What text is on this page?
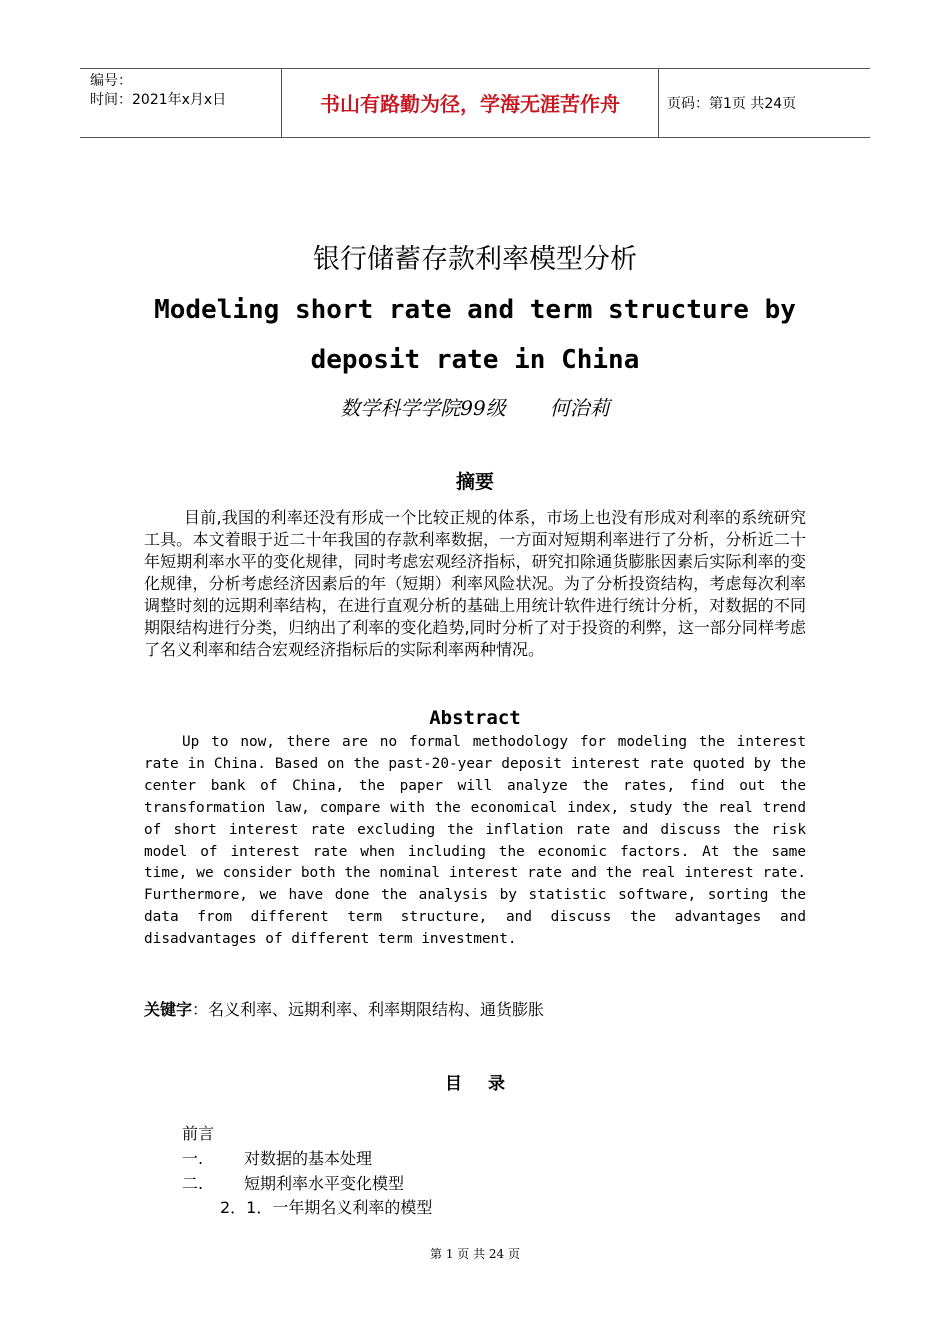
编号：
时间：2021年x月x日	书山有路勤为径，学海无涯苦作舟	页码：第1页 共24页
银行储蓄存款利率模型分析
Modeling short rate and term structure by
deposit rate in China
数学科学学院99级 何治莉
摘要

目前,我国的利率还没有形成一个比较正规的体系，市场上也没有形成对利率的系统研究工具。本文着眼于近二十年我国的存款利率数据，一方面对短期利率进行了分析，分析近二十年短期利率水平的变化规律，同时考虑宏观经济指标，研究扣除通货膨胀因素后实际利率的变化规律，分析考虑经济因素后的年（短期）利率风险状况。为了分析投资结构，考虑每次利率调整时刻的远期利率结构，在进行直观分析的基础上用统计软件进行统计分析，对数据的不同期限结构进行分类，归纳出了利率的变化趋势,同时分析了对于投资的利弊，这一部分同样考虑了名义利率和结合宏观经济指标后的实际利率两种情况。

Abstract

Up to now, there are no formal methodology for modeling the interest rate in China. Based on the past-20-year deposit interest rate quoted by the center bank of China, the paper will analyze the rates, find out the transformation law, compare with the economical index, study the real trend of short interest rate excluding the inflation rate and discuss the risk model of interest rate when including the economic factors. At the same time, we consider both the nominal interest rate and the real interest rate. Furthermore, we have done the analysis by statistic software, sorting the data from different term structure, and discuss the advantages and disadvantages of different term investment.

关键字：名义利率、远期利率、利率期限结构、通货膨胀
目录
前言
一.	对数据的基本处理
二.	短期利率水平变化模型
2．1．一年期名义利率的模型
第 1 页 共 24 页
